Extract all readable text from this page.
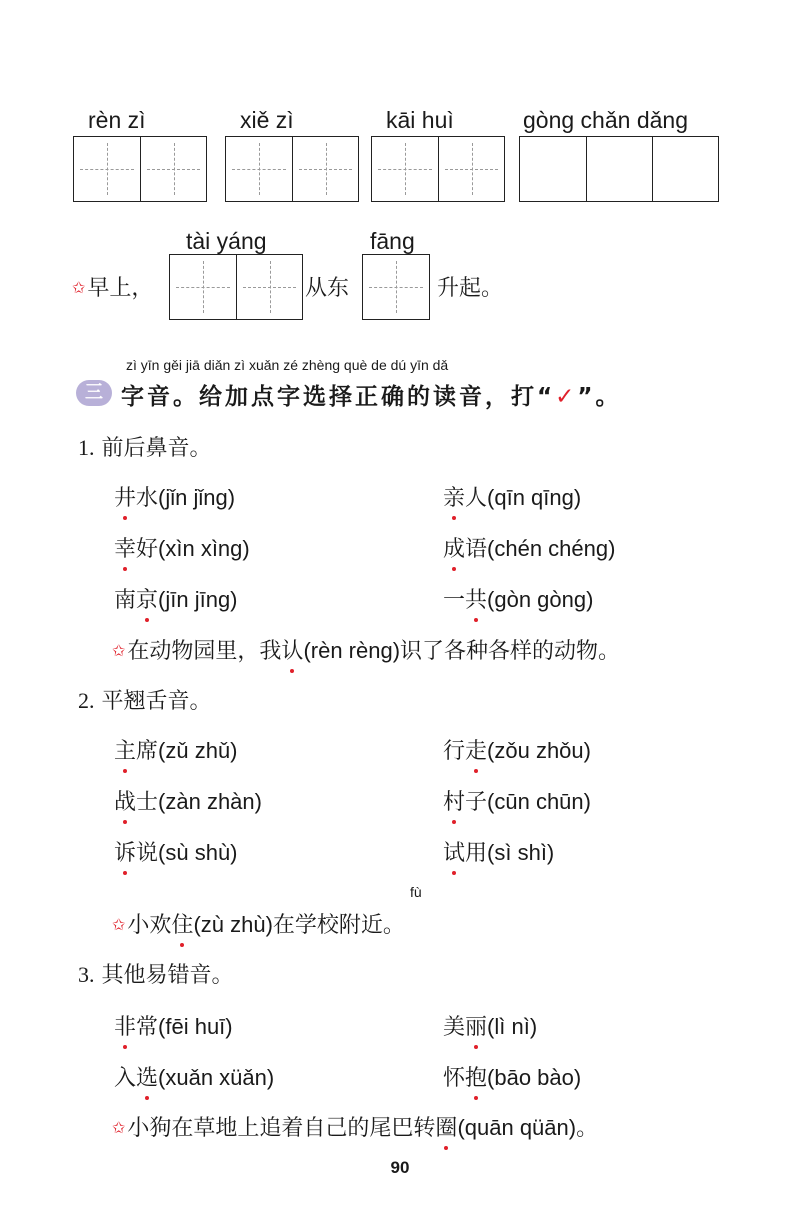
rèn zì	xiě zì	kāi huì	gòng chǎn dǎng
tài yáng	fāng
✩早上，	从东	升起。
zì yīn gěi jiā diǎn zì xuǎn zé zhèng què de dú yīn dǎ
三 字音。给加点字选择正确的读音，打“✓”。
1. 前后鼻音。
井水(jǐn jǐng)	亲人(qīn qīng)
幸好(xìn xìng)	成语(chén chéng)
南京(jīn jīng)	一共(gòn gòng)
✩在动物园里，我认(rèn rèng)识了各种各样的动物。
2. 平翘舌音。
主席(zǔ zhǔ)	行走(zǒu zhǒu)
战士(zàn zhàn)	村子(cūn chūn)
诉说(sù shù)	试用(sì shì)
fù
✩小欢住(zù zhù)在学校附近。
3. 其他易错音。
非常(fēi huī)	美丽(lì nì)
入选(xuǎn xüǎn)	怀抱(bāo bào)
✩小狗在草地上追着自己的尾巴转圈(quān qüān)。
90
